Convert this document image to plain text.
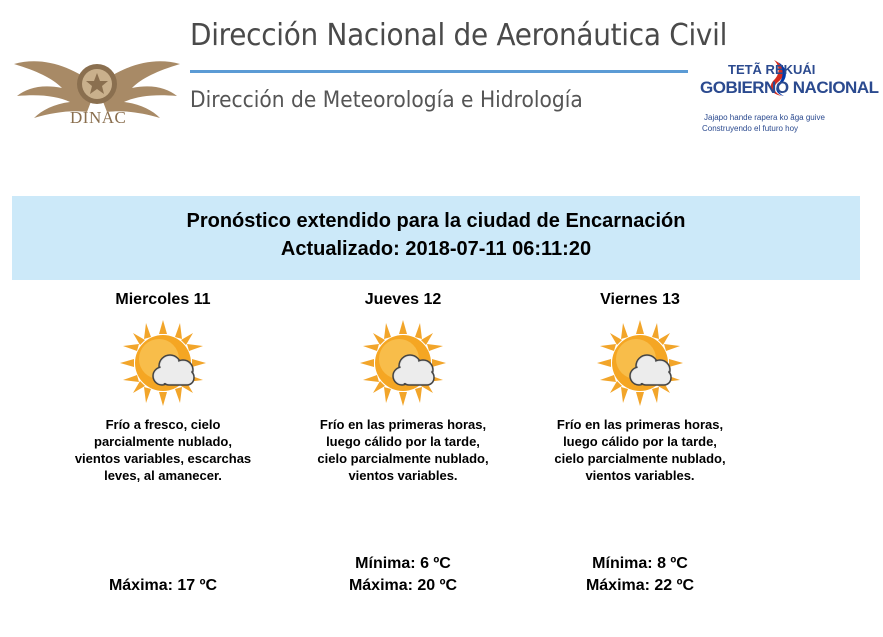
DINAC
Dirección Nacional de Aeronáutica Civil
Dirección de Meteorología e Hidrología
TETÃ REKUÁI
GOBIERNO NACIONAL
Jajapo hande rapera ko ãga guive
Construyendo el futuro hoy
Pronóstico extendido para la ciudad de Encarnación
Actualizado: 2018-07-11 06:11:20
Miercoles 11
Frío a fresco, cielo parcialmente nublado, vientos variables, escarchas leves, al amanecer.
Máxima: 17 ºC
Jueves 12
Frío en las primeras horas, luego cálido por la tarde, cielo parcialmente nublado, vientos variables.
Mínima: 6 ºC
Máxima: 20 ºC
Viernes 13
Frío en las primeras horas, luego cálido por la tarde, cielo parcialmente nublado, vientos variables.
Mínima: 8 ºC
Máxima: 22 ºC
